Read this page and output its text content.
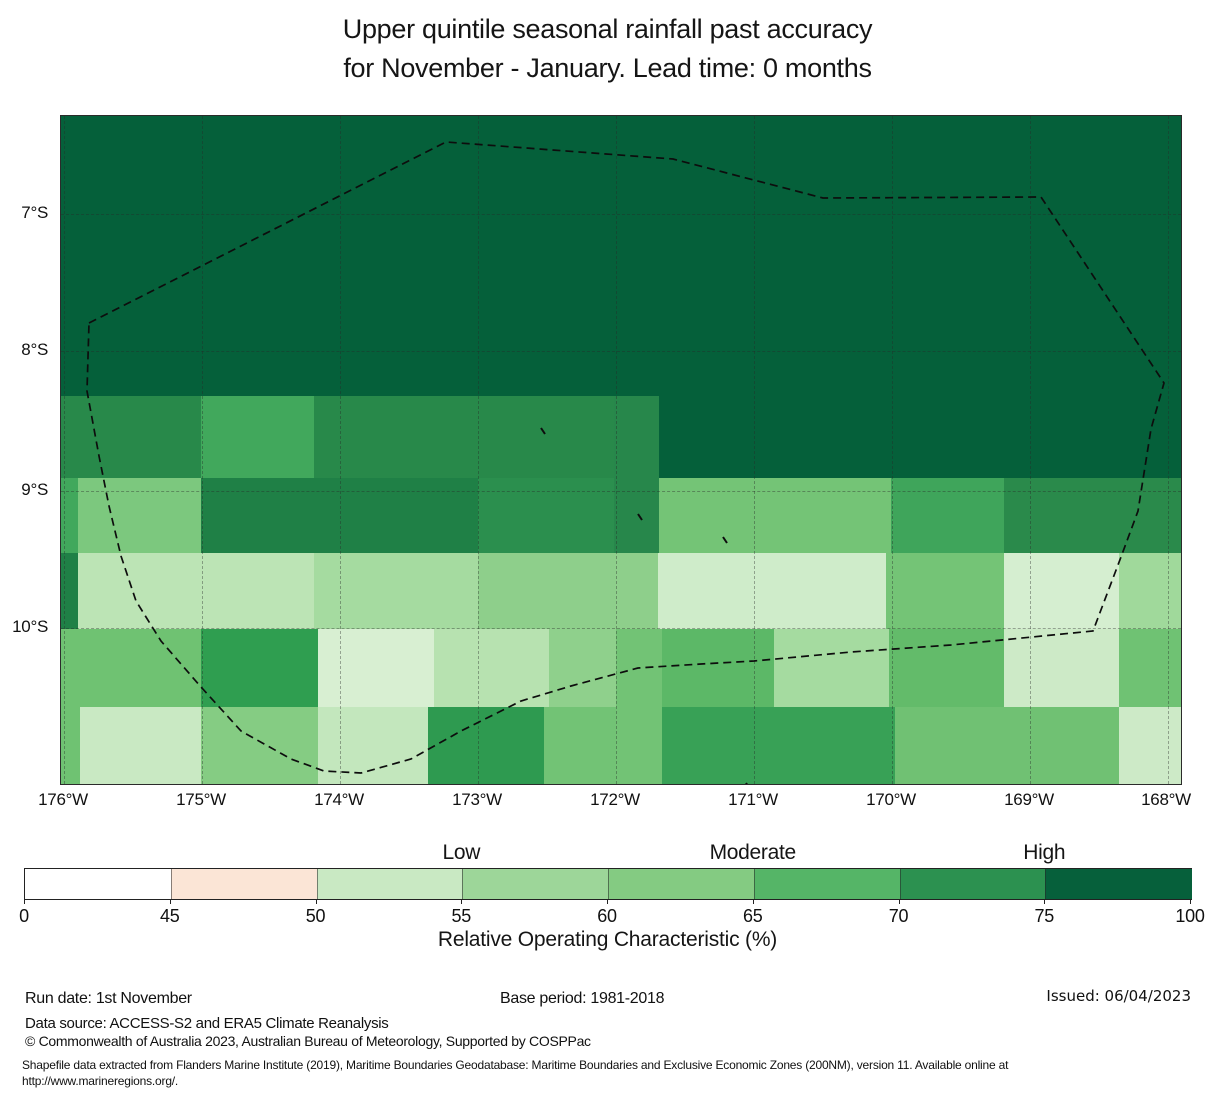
Upper quintile seasonal rainfall past accuracy
for November - January. Lead time: 0 months
7°S
8°S
9°S
10°S
176°W	175°W	174°W	173°W	172°W	171°W	170°W	169°W	168°W
0	45	50	55	60	65	70	75	100
Low	Moderate	High
Relative Operating Characteristic (%)
Run date: 1st November	Base period: 1981-2018	Issued: 06/04/2023
Data source: ACCESS-S2 and ERA5 Climate Reanalysis
© Commonwealth of Australia 2023, Australian Bureau of Meteorology, Supported by COSPPac
Shapefile data extracted from Flanders Marine Institute (2019), Maritime Boundaries Geodatabase: Maritime Boundaries and Exclusive Economic Zones (200NM), version 11. Available online at
http://www.marineregions.org/.
